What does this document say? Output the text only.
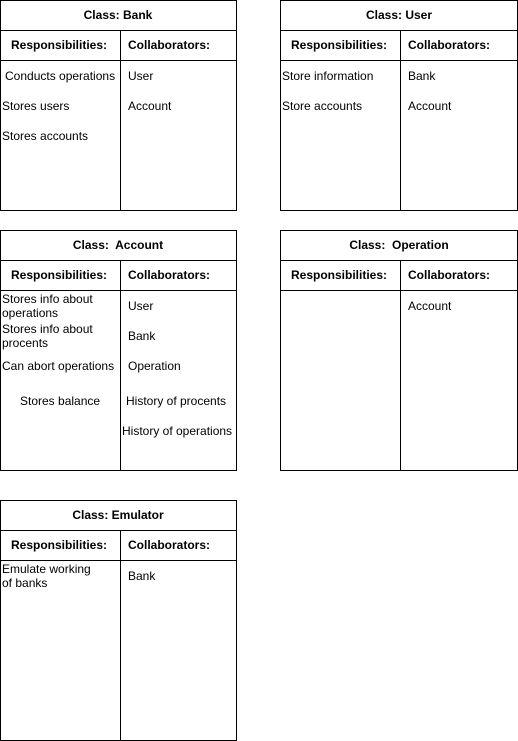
Class: Bank
Responsibilities: Collaborators:
Conducts operations
Stores users
Stores accounts
User
Account
Class: User
Responsibilities: Collaborators:
Store information
Store accounts
Bank
Account
Class:  Account
Responsibilities: Collaborators:
Stores info about operations
Stores info about procents
Can abort operations
Stores balance
User
Bank
Operation
History of procents
History of operations
Class:  Operation
Responsibilities: Collaborators:
Account
Class: Emulator
Responsibilities: Collaborators:
Emulate working of banks	Bank
